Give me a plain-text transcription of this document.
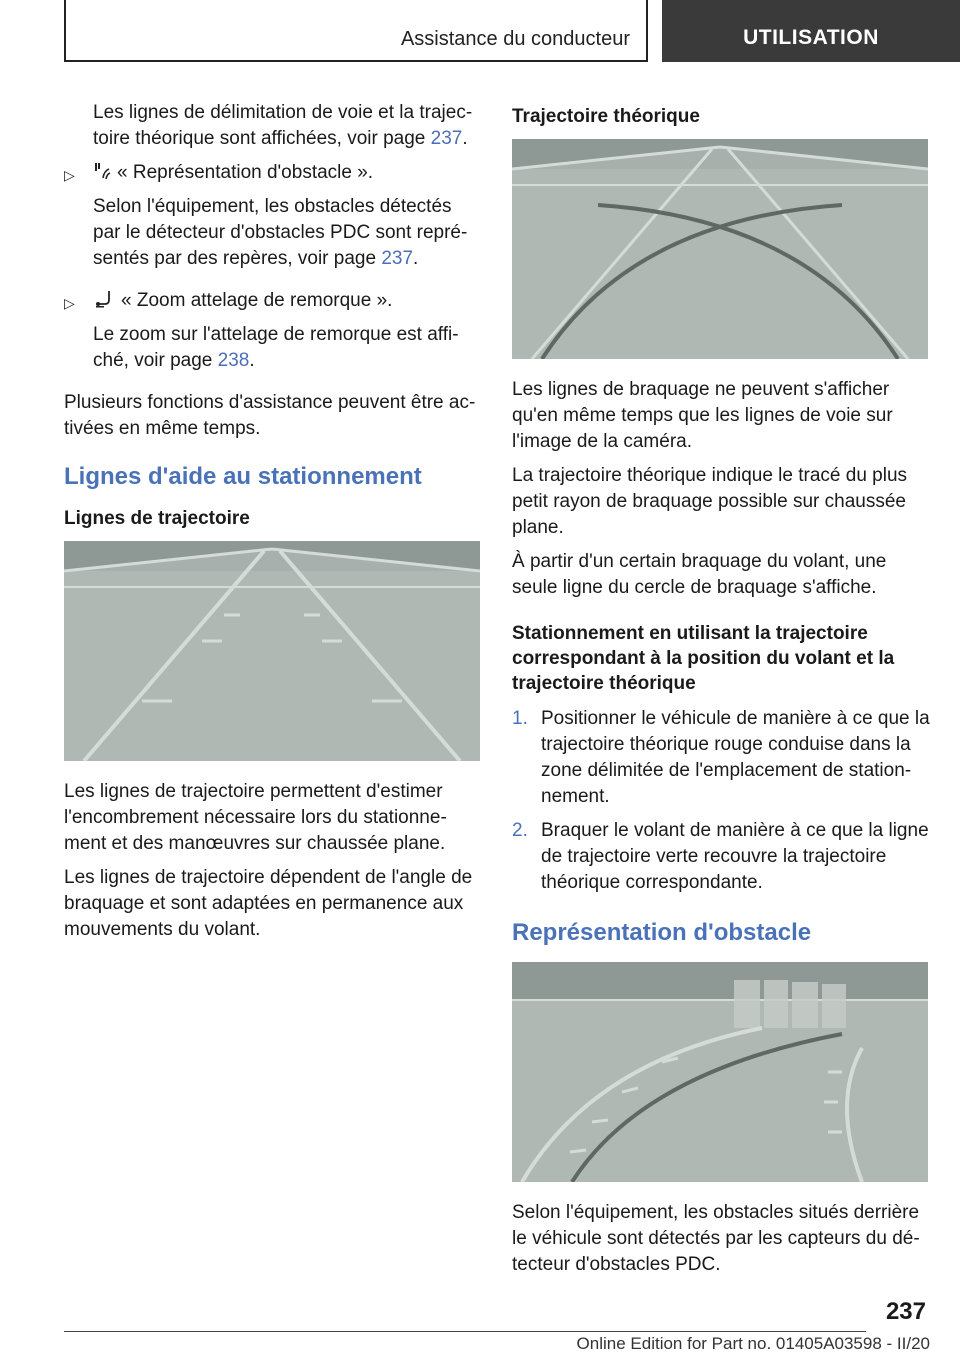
Assistance du conducteur	UTILISATION

Les lignes de délimitation de voie et la trajectoire théorique sont affichées, voir page 237.

▷	« Représentation d'obstacle ».

Selon l'équipement, les obstacles détectés par le détecteur d'obstacles PDC sont représentés par des repères, voir page 237.

▷	« Zoom attelage de remorque ».

Le zoom sur l'attelage de remorque est affiché, voir page 238.

Plusieurs fonctions d'assistance peuvent être activées en même temps.

Lignes d'aide au stationnement
Lignes de trajectoire

Les lignes de trajectoire permettent d'estimer l'encombrement nécessaire lors du stationnement et des manœuvres sur chaussée plane.

Les lignes de trajectoire dépendent de l'angle de braquage et sont adaptées en permanence aux mouvements du volant.

Trajectoire théorique

Les lignes de braquage ne peuvent s'afficher qu'en même temps que les lignes de voie sur l'image de la caméra.

La trajectoire théorique indique le tracé du plus petit rayon de braquage possible sur chaussée plane.

À partir d'un certain braquage du volant, une seule ligne du cercle de braquage s'affiche.

Stationnement en utilisant la trajectoire correspondant à la position du volant et la trajectoire théorique
1. Positionner le véhicule de manière à ce que la trajectoire théorique rouge conduise dans la zone délimitée de l'emplacement de stationnement.
2. Braquer le volant de manière à ce que la ligne de trajectoire verte recouvre la trajectoire théorique correspondante.
Représentation d'obstacle

Selon l'équipement, les obstacles situés derrière le véhicule sont détectés par les capteurs du détecteur d'obstacles PDC.

237
Online Edition for Part no. 01405A03598 - II/20
